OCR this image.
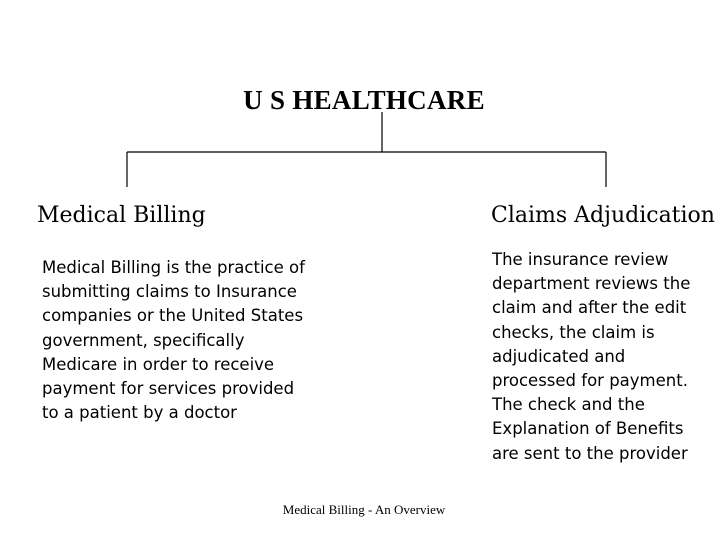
U S HEALTHCARE
Medical Billing
Medical Billing is the practice of submitting claims to Insurance companies or the United States government, specifically Medicare in order to receive payment for services provided to a patient by a doctor
Claims Adjudication
The insurance review department reviews the claim and after the edit checks, the claim is adjudicated and processed for payment. The check and the Explanation of Benefits are sent to the provider
Medical Billing - An Overview
